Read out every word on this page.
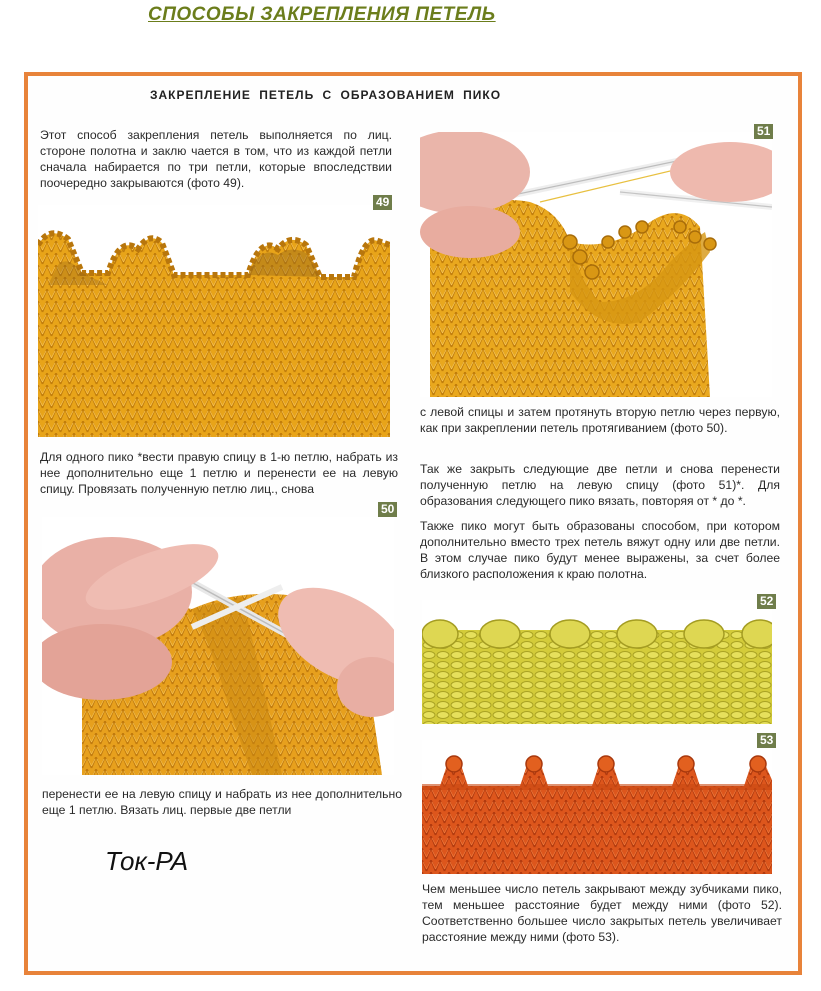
СПОСОБЫ ЗАКРЕПЛЕНИЯ ПЕТЕЛЬ
ЗАКРЕПЛЕНИЕ ПЕТЕЛЬ С ОБРАЗОВАНИЕМ ПИКО
Этот способ закрепления петель выполняется по лиц. стороне полотна и заклю чается в том, что из каждой петли сначала набирается по три петли, которые впоследствии поочередно закрываются (фото 49).
49
Для одного пико *вести правую спицу в 1-ю петлю, набрать из нее дополнительно еще 1 петлю и перенести ее на левую спицу. Провязать полученную петлю лиц., снова
50
перенести ее на левую спицу и набрать из нее дополнительно еще 1 петлю. Вязать лиц. первые две петли
51
с левой спицы и затем протянуть вторую петлю через первую, как при закреплении петель протягиванием (фото 50).
Так же закрыть следующие две петли и снова перенести полученную петлю на левую спицу (фото 51)*. Для образования следующего пико вязать, повторяя от * до *.
Также пико могут быть образованы способом, при котором дополнительно вместо трех петель вяжут одну или две петли. В этом случае пико будут менее выражены, за счет более близкого расположения к краю полотна.
52
53
Чем меньшее число петель закрывают между зубчиками пико, тем меньшее расстояние будет между ними (фото 52). Соответственно большее число закрытых петель увеличивает расстояние между ними (фото 53).
Ток-РА
